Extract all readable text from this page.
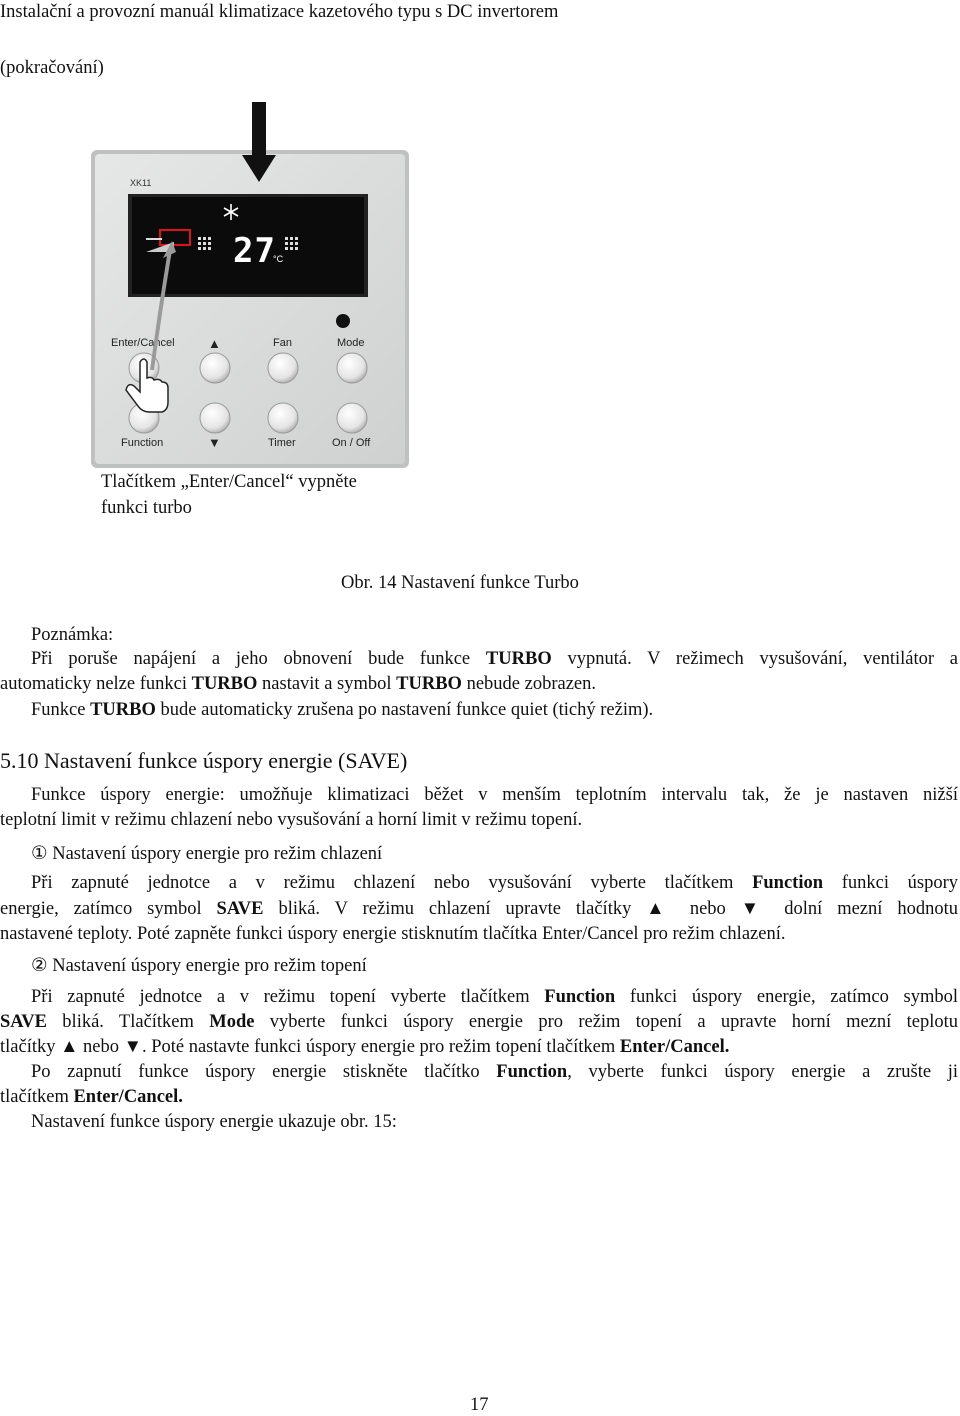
Instalační a provozní manuál klimatizace kazetového typu s DC invertorem
(pokračování)
XK11
27
°C
Enter/Cancel	▲	Fan	Mode
Function	▼	Timer	On / Off
Tlačítkem „Enter/Cancel“ vypněte
funkci turbo
Obr. 14 Nastavení funkce Turbo
Poznámka:
Při poruše napájení a jeho obnovení bude funkce TURBO vypnutá. V režimech vysušování, ventilátor a
automaticky nelze funkci TURBO nastavit a symbol TURBO nebude zobrazen.
Funkce TURBO bude automaticky zrušena po nastavení funkce quiet (tichý režim).
5.10 Nastavení funkce úspory energie (SAVE)
Funkce úspory energie: umožňuje klimatizaci běžet v menším teplotním intervalu tak, že je nastaven nižší
teplotní limit v režimu chlazení nebo vysušování a horní limit v režimu topení.
① Nastavení úspory energie pro režim chlazení
Při zapnuté jednotce a v režimu chlazení nebo vysušování vyberte tlačítkem Function funkci úspory
energie, zatímco symbol SAVE bliká. V režimu chlazení upravte tlačítky ▲ nebo ▼ dolní mezní hodnotu
nastavené teploty. Poté zapněte funkci úspory energie stisknutím tlačítka Enter/Cancel pro režim chlazení.
② Nastavení úspory energie pro režim topení
Při zapnuté jednotce a v režimu topení vyberte tlačítkem Function funkci úspory energie, zatímco symbol
SAVE bliká. Tlačítkem Mode vyberte funkci úspory energie pro režim topení a upravte horní mezní teplotu
tlačítky ▲ nebo ▼. Poté nastavte funkci úspory energie pro režim topení tlačítkem Enter/Cancel.
Po zapnutí funkce úspory energie stiskněte tlačítko Function, vyberte funkci úspory energie a zrušte ji
tlačítkem Enter/Cancel.
Nastavení funkce úspory energie ukazuje obr. 15:
17
